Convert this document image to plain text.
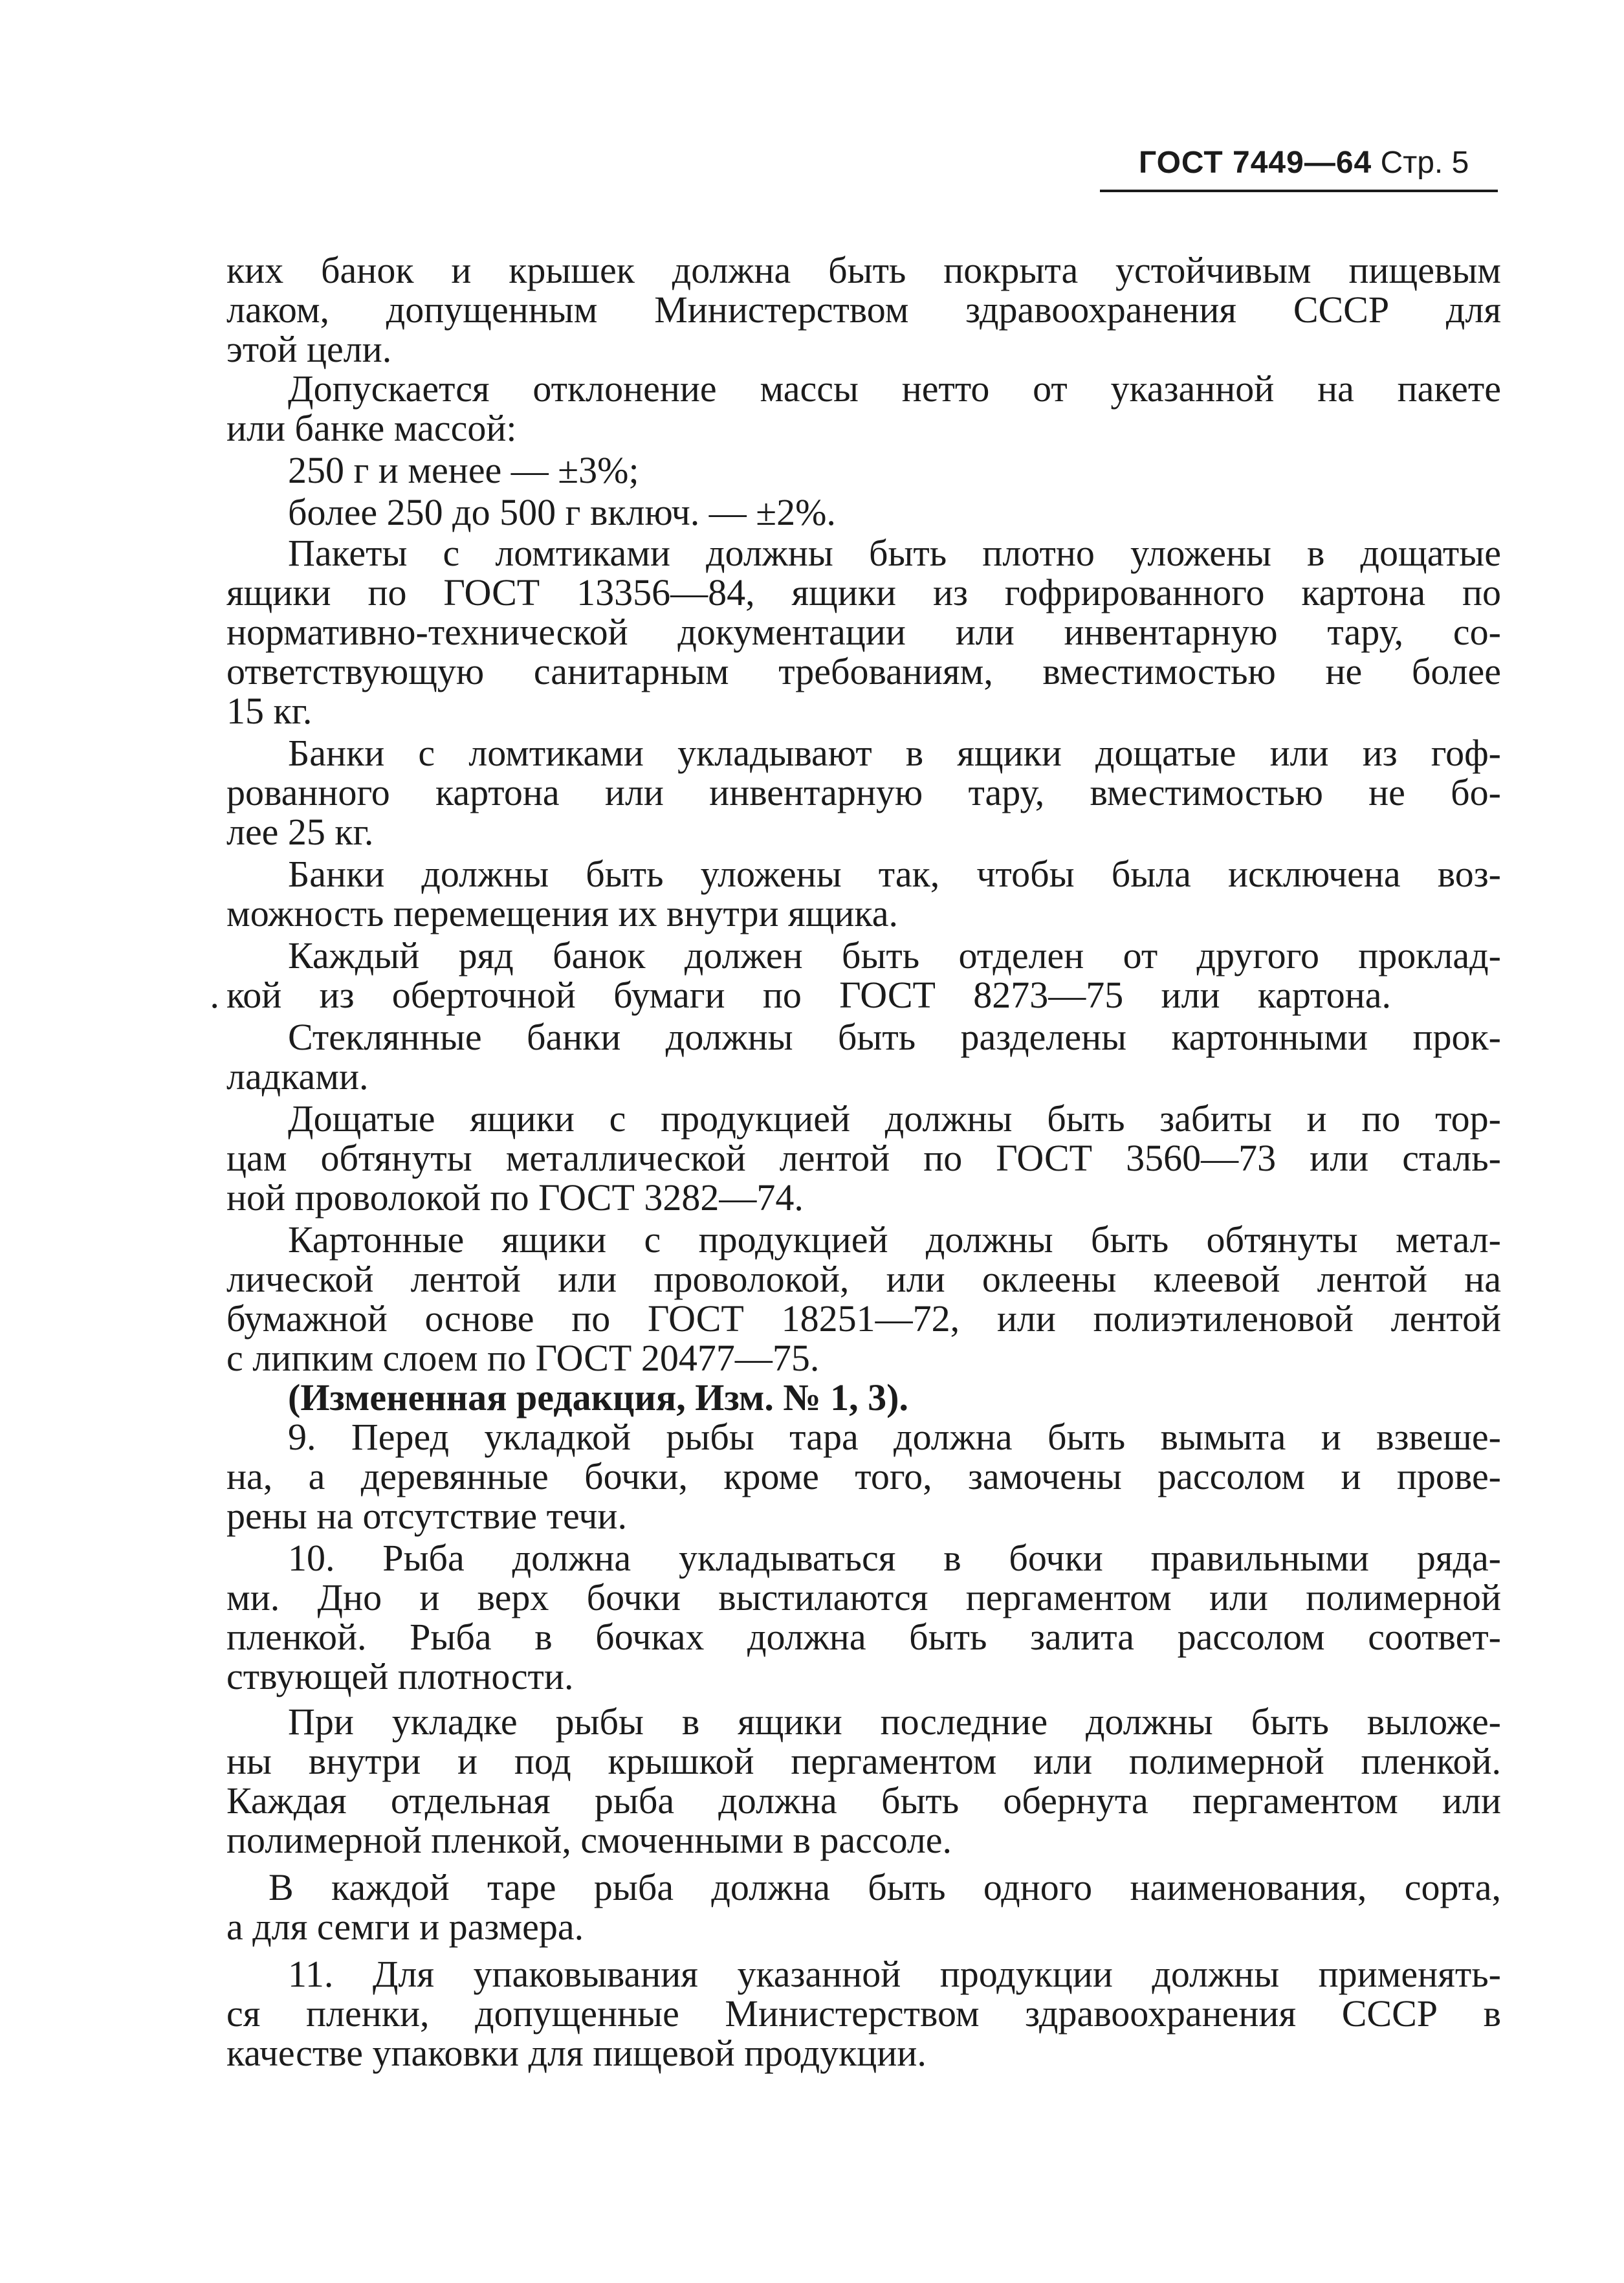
ГОСТ 7449—64 Стр. 5
·
ких банок и крышек должна быть покрыта устойчивым пищевым
лаком, допущенным Министерством здравоохранения СССР для
этой цели.
Допускается отклонение массы нетто от указанной на пакете
или банке массой:
250 г и менее — ±3%;
более 250 до 500 г включ. — ±2%.
Пакеты с ломтиками должны быть плотно уложены в дощатые
ящики по ГОСТ 13356—84, ящики из гофрированного картона по
нормативно-технической документации или инвентарную тару, со-
ответствующую санитарным требованиям, вместимостью не более
15 кг.
Банки с ломтиками укладывают в ящики дощатые или из гоф-
рованного картона или инвентарную тару, вместимостью не бо-
лее 25 кг.
Банки должны быть уложены так, чтобы была исключена воз-
можность перемещения их внутри ящика.
Каждый ряд банок должен быть отделен от другого проклад-
кой из оберточной бумаги по ГОСТ 8273—75 или картона.
Стеклянные банки должны быть разделены картонными прок-
ладками.
Дощатые ящики с продукцией должны быть забиты и по тор-
цам обтянуты металлической лентой по ГОСТ 3560—73 или сталь-
ной проволокой по ГОСТ 3282—74.
Картонные ящики с продукцией должны быть обтянуты метал-
лической лентой или проволокой, или оклеены клеевой лентой на
бумажной основе по ГОСТ 18251—72, или полиэтиленовой лентой
с липким слоем по ГОСТ 20477—75.
(Измененная редакция, Изм. № 1, 3).
9. Перед укладкой рыбы тара должна быть вымыта и взвеше-
на, а деревянные бочки, кроме того, замочены рассолом и прове-
рены на отсутствие течи.
10. Рыба должна укладываться в бочки правильными рядa-
ми. Дно и верх бочки выстилаются пергаментом или полимерной
пленкой. Рыба в бочках должна быть залита рассолом соответ-
ствующей плотности.
При укладке рыбы в ящики последние должны быть выложе-
ны внутри и под крышкой пергаментом или полимерной пленкой.
Каждая отдельная рыба должна быть обернута пергаментом или
полимерной пленкой, смоченными в рассоле.
В каждой таре рыба должна быть одного наименования, сорта,
а для семги и размера.
11. Для упаковывания указанной продукции должны применять-
ся пленки, допущенные Министерством здравоохранения СССР в
качестве упаковки для пищевой продукции.
